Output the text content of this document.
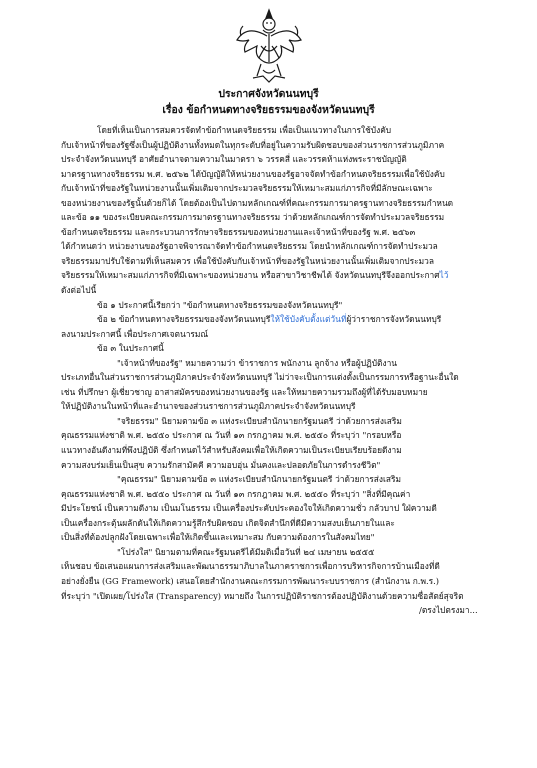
ประกาศจังหวัดนนทบุรี
เรื่อง ข้อกำหนดทางจริยธรรมของจังหวัดนนทบุรี
โดยที่เห็นเป็นการสมควรจัดทำข้อกำหนดจริยธรรม เพื่อเป็นแนวทางในการใช้บังคับ
กับเจ้าหน้าที่ของรัฐซึ่งเป็นผู้ปฏิบัติงานทั้งหมดในทุกระดับที่อยู่ในความรับผิดชอบของส่วนราชการส่วนภูมิภาค
ประจำจังหวัดนนทบุรี อาศัยอำนาจตามความในมาตรา ๖ วรรคสี่ และวรรคห้าแห่งพระราชบัญญัติ
มาตรฐานทางจริยธรรม พ.ศ. ๒๕๖๒ ได้บัญญัติให้หน่วยงานของรัฐอาจจัดทำข้อกำหนดจริยธรรมเพื่อใช้บังคับ
กับเจ้าหน้าที่ของรัฐในหน่วยงานนั้นเพิ่มเติมจากประมวลจริยธรรมให้เหมาะสมแก่ภารกิจที่มีลักษณะเฉพาะ
ของหน่วยงานของรัฐนั้นด้วยก็ได้ โดยต้องเป็นไปตามหลักเกณฑ์ที่คณะกรรมการมาตรฐานทางจริยธรรมกำหนด
และข้อ ๑๑ ของระเบียบคณะกรรมการมาตรฐานทางจริยธรรม ว่าด้วยหลักเกณฑ์การจัดทำประมวลจริยธรรม
ข้อกำหนดจริยธรรม และกระบวนการรักษาจริยธรรมของหน่วยงานและเจ้าหน้าที่ของรัฐ พ.ศ. ๒๕๖๓
ได้กำหนดว่า หน่วยงานของรัฐอาจพิจารณาจัดทำข้อกำหนดจริยธรรม โดยนำหลักเกณฑ์การจัดทำประมวล
จริยธรรมมาปรับใช้ตามที่เห็นสมควร เพื่อใช้บังคับกับเจ้าหน้าที่ของรัฐในหน่วยงานนั้นเพิ่มเติมจากประมวล
จริยธรรมให้เหมาะสมแก่ภารกิจที่มีเฉพาะของหน่วยงาน หรือสาขาวิชาชีพได้ จังหวัดนนทบุรีจึงออกประกาศไว้
ดังต่อไปนี้
ข้อ ๑ ประกาศนี้เรียกว่า "ข้อกำหนดทางจริยธรรมของจังหวัดนนทบุรี"
ข้อ ๒ ข้อกำหนดทางจริยธรรมของจังหวัดนนทบุรีให้ใช้บังคับตั้งแต่วันที่ผู้ว่าราชการจังหวัดนนทบุรี
ลงนามประกาศนี้ เพื่อประกาศเจตนารมณ์
ข้อ ๓ ในประกาศนี้
"เจ้าหน้าที่ของรัฐ" หมายความว่า ข้าราชการ พนักงาน ลูกจ้าง หรือผู้ปฏิบัติงาน
ประเภทอื่นในส่วนราชการส่วนภูมิภาคประจำจังหวัดนนทบุรี ไม่ว่าจะเป็นการแต่งตั้งเป็นกรรมการหรือฐานะอื่นใด
เช่น ที่ปรึกษา ผู้เชี่ยวชาญ อาสาสมัครของหน่วยงานของรัฐ และให้หมายความรวมถึงผู้ที่ได้รับมอบหมาย
ให้ปฏิบัติงานในหน้าที่และอำนาจของส่วนราชการส่วนภูมิภาคประจำจังหวัดนนทบุรี
"จริยธรรม" นิยามตามข้อ ๓ แห่งระเบียบสำนักนายกรัฐมนตรี ว่าด้วยการส่งเสริม
คุณธรรมแห่งชาติ พ.ศ. ๒๕๕๐ ประกาศ ณ วันที่ ๑๓ กรกฎาคม พ.ศ. ๒๕๕๐ ที่ระบุว่า "กรอบหรือ
แนวทางอันดีงามที่พึงปฏิบัติ ซึ่งกำหนดไว้สำหรับสังคมเพื่อให้เกิดความเป็นระเบียบเรียบร้อยดีงาม
ความสงบร่มเย็นเป็นสุข ความรักสามัคคี ความอบอุ่น มั่นคงและปลอดภัยในการดำรงชีวิต"
"คุณธรรม" นิยามตามข้อ ๓ แห่งระเบียบสำนักนายกรัฐมนตรี ว่าด้วยการส่งเสริม
คุณธรรมแห่งชาติ พ.ศ. ๒๕๕๐ ประกาศ ณ วันที่ ๑๓ กรกฎาคม พ.ศ. ๒๕๕๐ ที่ระบุว่า "สิ่งที่มีคุณค่า
มีประโยชน์ เป็นความดีงาม เป็นมโนธรรม เป็นเครื่องประคับประคองใจให้เกิดความชั่ว กลัวบาป ใฝ่ความดี
เป็นเครื่องกระตุ้นผลักดันให้เกิดความรู้สึกรับผิดชอบ เกิดจิตสำนึกที่ดีมีความสงบเย็นภายในและ
เป็นสิ่งที่ต้องปลูกฝังโดยเฉพาะเพื่อให้เกิดขึ้นและเหมาะสม กับความต้องการในสังคมไทย"
"โปร่งใส" นิยามตามที่คณะรัฐมนตรีได้มีมติเมื่อวันที่ ๒๔ เมษายน ๒๕๕๕
เห็นชอบ ข้อเสนอแผนการส่งเสริมและพัฒนาธรรมาภิบาลในภาคราชการเพื่อการบริหารกิจการบ้านเมืองที่ดี
อย่างยั่งยืน (GG Framework) เสนอโดยสำนักงานคณะกรรมการพัฒนาระบบราชการ (สำนักงาน ก.พ.ร.)
ที่ระบุว่า "เปิดเผย/โปร่งใส (Transparency) หมายถึง ในการปฏิบัติราชการต้องปฏิบัติงานด้วยความซื่อสัตย์สุจริต
/ตรงไปตรงมา...
